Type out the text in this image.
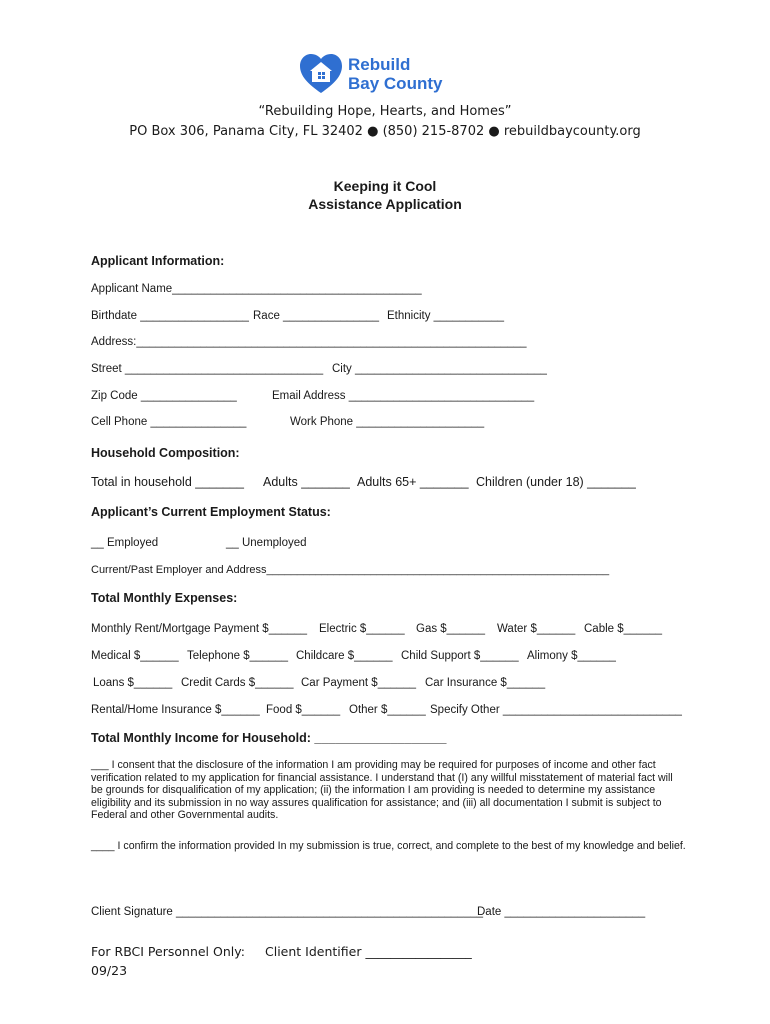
Rebuild
Bay County
“Rebuilding Hope, Hearts, and Homes”
PO Box 306, Panama City, FL 32402 ● (850) 215-8702 ● rebuildbaycounty.org
Keeping it Cool
Assistance Application
Applicant Information:
Applicant Name_______________________________________
Birthdate _________________ Race _______________ Ethnicity ___________
Address:_____________________________________________________________
Street _______________________________ City ______________________________
Zip Code _______________	Email Address _____________________________
Cell Phone _______________	Work Phone ____________________
Household Composition:
Total in household _______ Adults _______ Adults 65+ _______ Children (under 18) _______
Applicant’s Current Employment Status:
__ Employed	__ Unemployed
Current/Past Employer and Address________________________________________________________
Total Monthly Expenses:
Monthly Rent/Mortgage Payment $______ Electric $______ Gas $______ Water $______ Cable $______
Medical $______ Telephone $______ Childcare $______ Child Support $______ Alimony $______
Loans $______ Credit Cards $______ Car Payment $______ Car Insurance $______
Rental/Home Insurance $______ Food $______ Other $______ Specify Other ____________________________
Total Monthly Income for Household: ___________________
___ I consent that the disclosure of the information I am providing may be required for purposes of income and other fact verification related to my application for financial assistance. I understand that (I) any willful misstatement of material fact will be grounds for disqualification of my application; (ii) the information I am providing is needed to determine my assistance eligibility and its submission in no way assures qualification for assistance; and (iii) all documentation I submit is subject to Federal and other Governmental audits.
____ I confirm the information provided In my submission is true, correct, and complete to the best of my knowledge and belief.
Client Signature ________________________________________________
Date ______________________
For RBCI Personnel Only: Client Identifier _________________
09/23
